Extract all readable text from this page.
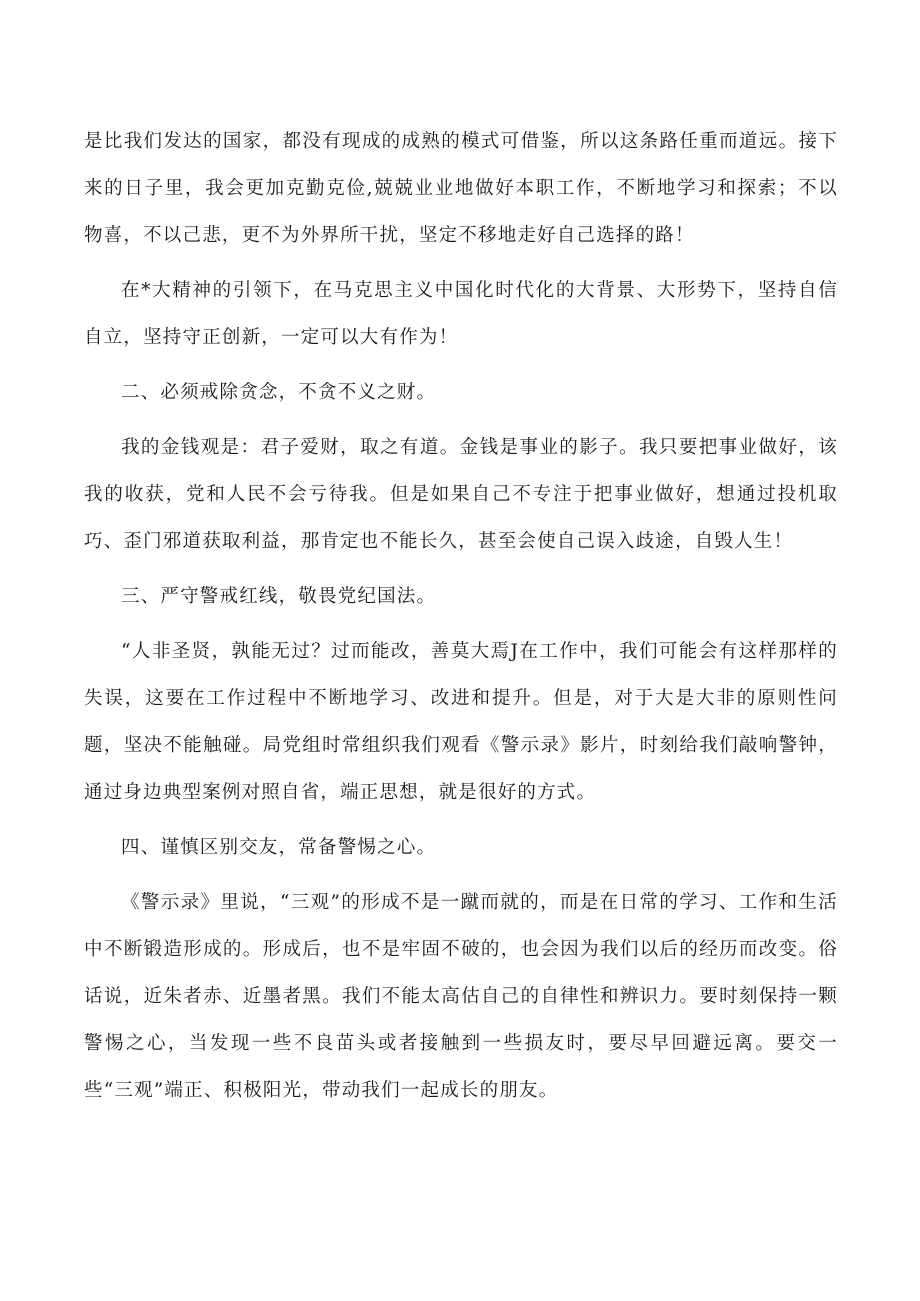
是比我们发达的国家，都没有现成的成熟的模式可借鉴，所以这条路任重而道远。接下来的日子里，我会更加克勤克俭,兢兢业业地做好本职工作，不断地学习和探索；不以物喜，不以己悲，更不为外界所干扰，坚定不移地走好自己选择的路！

在*大精神的引领下，在马克思主义中国化时代化的大背景、大形势下，坚持自信自立，坚持守正创新，一定可以大有作为！

二、必须戒除贪念，不贪不义之财。

我的金钱观是：君子爱财，取之有道。金钱是事业的影子。我只要把事业做好，该我的收获，党和人民不会亏待我。但是如果自己不专注于把事业做好，想通过投机取巧、歪门邪道获取利益，那肯定也不能长久，甚至会使自己误入歧途，自毁人生！

三、严守警戒红线，敬畏党纪国法。

“人非圣贤，孰能无过？过而能改，善莫大焉J在工作中，我们可能会有这样那样的失误，这要在工作过程中不断地学习、改进和提升。但是，对于大是大非的原则性问题，坚决不能触碰。局党组时常组织我们观看《警示录》影片，时刻给我们敲响警钟，通过身边典型案例对照自省，端正思想，就是很好的方式。

四、谨慎区别交友，常备警惕之心。

《警示录》里说，“三观”的形成不是一蹴而就的，而是在日常的学习、工作和生活中不断锻造形成的。形成后，也不是牢固不破的，也会因为我们以后的经历而改变。俗话说，近朱者赤、近墨者黑。我们不能太高估自己的自律性和辨识力。要时刻保持一颗警惕之心，当发现一些不良苗头或者接触到一些损友时，要尽早回避远离。要交一些“三观”端正、积极阳光，带动我们一起成长的朋友。
